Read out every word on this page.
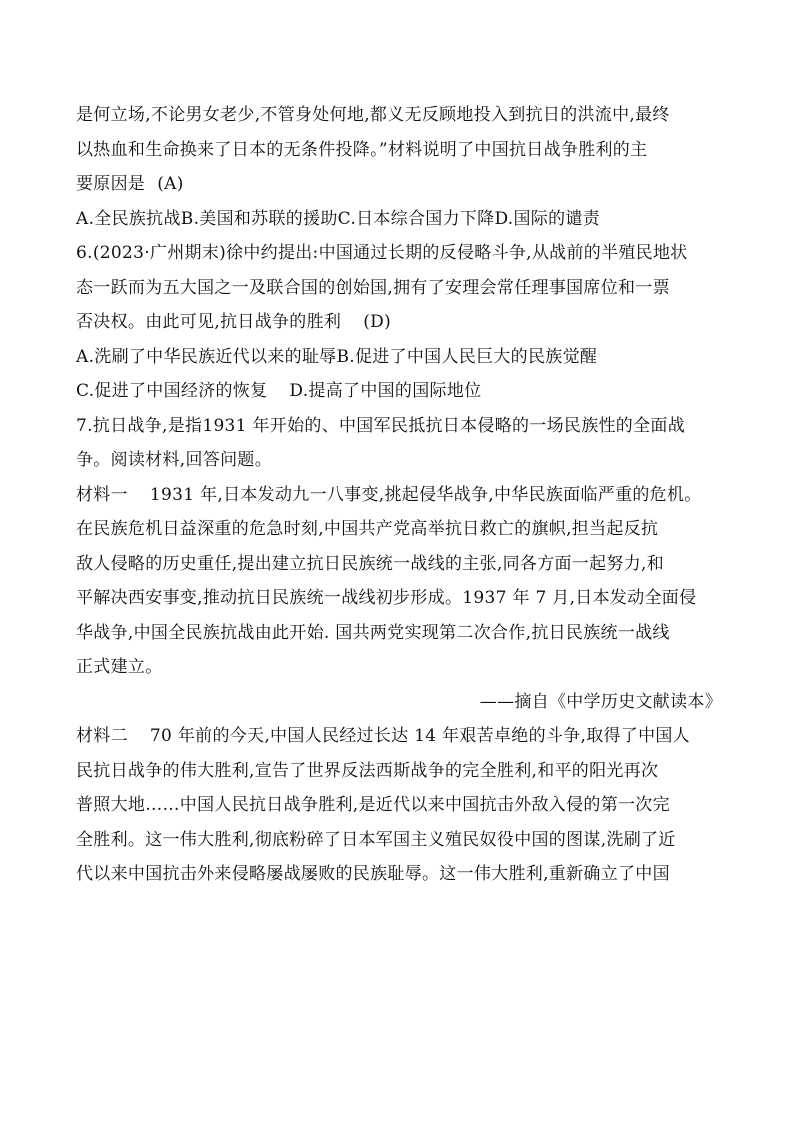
是何立场,不论男女老少,不管身处何地,都义无反顾地投入到抗日的洪流中,最终
以热血和生命换来了日本的无条件投降。”材料说明了中国抗日战争胜利的主
要原因是 (A)
A.全民族抗战B.美国和苏联的援助C.日本综合国力下降D.国际的谴责
6.(2023·广州期末)徐中约提出:中国通过长期的反侵略斗争,从战前的半殖民地状
态一跃而为五大国之一及联合国的创始国,拥有了安理会常任理事国席位和一票
否决权。由此可见,抗日战争的胜利 (D)
A.洗刷了中华民族近代以来的耻辱B.促进了中国人民巨大的民族觉醒
C.促进了中国经济的恢复 D.提高了中国的国际地位
7.抗日战争,是指1931 年开始的、中国军民抵抗日本侵略的一场民族性的全面战
争。阅读材料,回答问题。
材料一 1931 年,日本发动九一八事变,挑起侵华战争,中华民族面临严重的危机。
在民族危机日益深重的危急时刻,中国共产党高举抗日救亡的旗帜,担当起反抗
敌人侵略的历史重任,提出建立抗日民族统一战线的主张,同各方面一起努力,和
平解决西安事变,推动抗日民族统一战线初步形成。1937 年 7 月,日本发动全面侵
华战争,中国全民族抗战由此开始. 国共两党实现第二次合作,抗日民族统一战线
正式建立。
——摘自《中学历史文献读本》
材料二 70 年前的今天,中国人民经过长达 14 年艰苦卓绝的斗争,取得了中国人
民抗日战争的伟大胜利,宣告了世界反法西斯战争的完全胜利,和平的阳光再次
普照大地……中国人民抗日战争胜利,是近代以来中国抗击外敌入侵的第一次完
全胜利。这一伟大胜利,彻底粉碎了日本军国主义殖民奴役中国的图谋,洗刷了近
代以来中国抗击外来侵略屡战屡败的民族耻辱。这一伟大胜利,重新确立了中国
